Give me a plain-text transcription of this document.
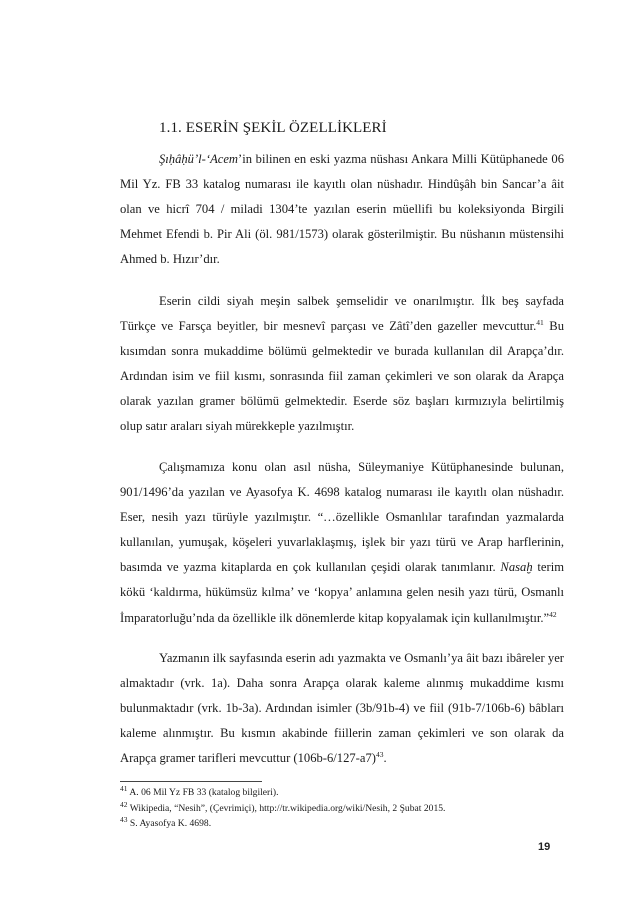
1.1. ESERİN ŞEKİL ÖZELLİKLERİ

Şıḥâḥü’l-‘Acem’in bilinen en eski yazma nüshası Ankara Milli Kütüphanede 06 Mil Yz. FB 33 katalog numarası ile kayıtlı olan nüshadır. Hindûşâh bin Sancar’a âit olan ve hicrî 704 / miladi 1304’te yazılan eserin müellifi bu koleksiyonda Birgili Mehmet Efendi b. Pir Ali (öl. 981/1573) olarak gösterilmiştir. Bu nüshanın müstensihi Ahmed b. Hızır’dır.

Eserin cildi siyah meşin salbek şemselidir ve onarılmıştır. İlk beş sayfada Türkçe ve Farsça beyitler, bir mesnevî parçası ve Zâtî’den gazeller mevcuttur.$^{41}$ Bu kısımdan sonra mukaddime bölümü gelmektedir ve burada kullanılan dil Arapça’dır. Ardından isim ve fiil kısmı, sonrasında fiil zaman çekimleri ve son olarak da Arapça olarak yazılan gramer bölümü gelmektedir. Eserde söz başları kırmızıyla belirtilmiş olup satır araları siyah mürekkeple yazılmıştır.

Çalışmamıza konu olan asıl nüsha, Süleymaniye Kütüphanesinde bulunan, 901/1496’da yazılan ve Ayasofya K. 4698 katalog numarası ile kayıtlı olan nüshadır. Eser, nesih yazı türüyle yazılmıştır. “…özellikle Osmanlılar tarafından yazmalarda kullanılan, yumuşak, köşeleri yuvarlaklaşmış, işlek bir yazı türü ve Arap harflerinin, basımda ve yazma kitaplarda en çok kullanılan çeşidi olarak tanımlanır. Nasaḫ terim kökü ‘kaldırma, hükümsüz kılma’ ve ‘kopya’ anlamına gelen nesih yazı türü, Osmanlı İmparatorluğu’nda da özellikle ilk dönemlerde kitap kopyalamak için kullanılmıştır.”$^{42}$

Yazmanın ilk sayfasında eserin adı yazmakta ve Osmanlı’ya âit bazı ibâreler yer almaktadır (vrk. 1a). Daha sonra Arapça olarak kaleme alınmış mukaddime kısmı bulunmaktadır (vrk. 1b-3a). Ardından isimler (3b/91b-4) ve fiil (91b-7/106b-6) bâbları kaleme alınmıştır. Bu kısmın akabinde fiillerin zaman çekimleri ve son olarak da Arapça gramer tarifleri mevcuttur $(106b-6/127-a7)^{43}$.

$^{41}$ A. 06 Mil Yz FB 33 (katalog bilgileri).

$^{42}$ Wikipedia, “Nesih”, (Çevrimiçi), http://tr.wikipedia.org/wiki/Nesih, 2 Şubat 2015.

$^{43}$ S. Ayasofya K. 4698.

19
